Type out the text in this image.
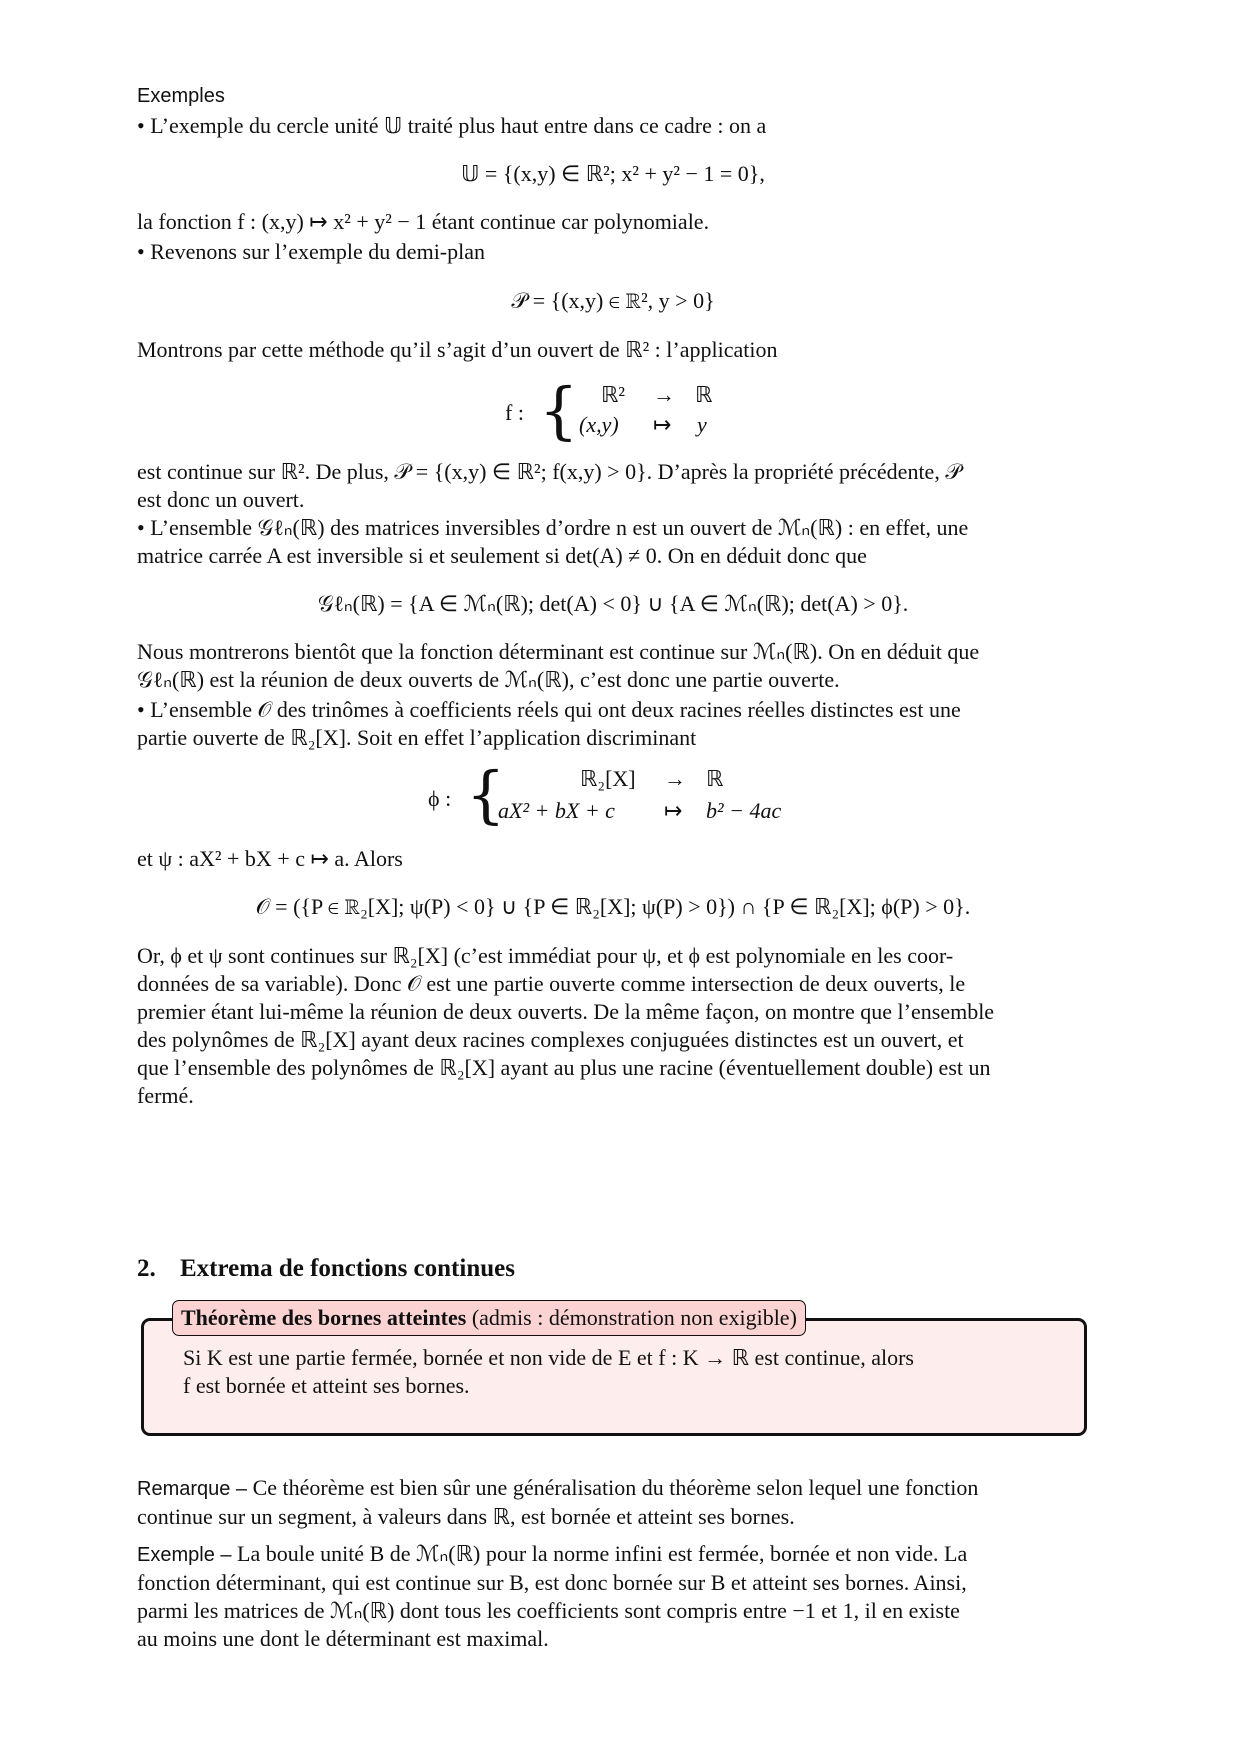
Exemples
• L’exemple du cercle unité 𝕌 traité plus haut entre dans ce cadre : on a
𝕌 = {(x,y) ∈ ℝ²; x² + y² − 1 = 0},
la fonction f : (x,y) ↦ x² + y² − 1 étant continue car polynomiale.
• Revenons sur l’exemple du demi-plan
𝒫 = {(x,y) ∈ ℝ², y > 0}
Montrons par cette méthode qu’il s’agit d’un ouvert de ℝ² : l’application
f : { ℝ² → ℝ
(x,y) ↦ y
est continue sur ℝ². De plus, 𝒫 = {(x,y) ∈ ℝ²; f(x,y) > 0}. D’après la propriété précédente, 𝒫
est donc un ouvert.
• L’ensemble 𝒢ℓₙ(ℝ) des matrices inversibles d’ordre n est un ouvert de ℳₙ(ℝ) : en effet, une
matrice carrée A est inversible si et seulement si det(A) ≠ 0. On en déduit donc que
𝒢ℓₙ(ℝ) = {A ∈ ℳₙ(ℝ); det(A) < 0} ∪ {A ∈ ℳₙ(ℝ); det(A) > 0}.
Nous montrerons bientôt que la fonction déterminant est continue sur ℳₙ(ℝ). On en déduit que
𝒢ℓₙ(ℝ) est la réunion de deux ouverts de ℳₙ(ℝ), c’est donc une partie ouverte.
• L’ensemble 𝒪 des trinômes à coefficients réels qui ont deux racines réelles distinctes est une
partie ouverte de ℝ₂[X]. Soit en effet l’application discriminant
ϕ : {	ℝ₂[X] → ℝ
aX² + bX + c ↦ b² − 4ac
et ψ : aX² + bX + c ↦ a. Alors
𝒪 = ({P ∈ ℝ₂[X]; ψ(P) < 0} ∪ {P ∈ ℝ₂[X]; ψ(P) > 0}) ∩ {P ∈ ℝ₂[X]; ϕ(P) > 0}.
Or, ϕ et ψ sont continues sur ℝ₂[X] (c’est immédiat pour ψ, et ϕ est polynomiale en les coor-
données de sa variable). Donc 𝒪 est une partie ouverte comme intersection de deux ouverts, le
premier étant lui-même la réunion de deux ouverts. De la même façon, on montre que l’ensemble
des polynômes de ℝ₂[X] ayant deux racines complexes conjuguées distinctes est un ouvert, et
que l’ensemble des polynômes de ℝ₂[X] ayant au plus une racine (éventuellement double) est un
fermé.
2. Extrema de fonctions continues
Théorème des bornes atteintes (admis : démonstration non exigible)
Si K est une partie fermée, bornée et non vide de E et f : K → ℝ est continue, alors
f est bornée et atteint ses bornes.
Remarque – Ce théorème est bien sûr une généralisation du théorème selon lequel une fonction
continue sur un segment, à valeurs dans ℝ, est bornée et atteint ses bornes.
Exemple – La boule unité B de ℳₙ(ℝ) pour la norme infini est fermée, bornée et non vide. La
fonction déterminant, qui est continue sur B, est donc bornée sur B et atteint ses bornes. Ainsi,
parmi les matrices de ℳₙ(ℝ) dont tous les coefficients sont compris entre −1 et 1, il en existe
au moins une dont le déterminant est maximal.
